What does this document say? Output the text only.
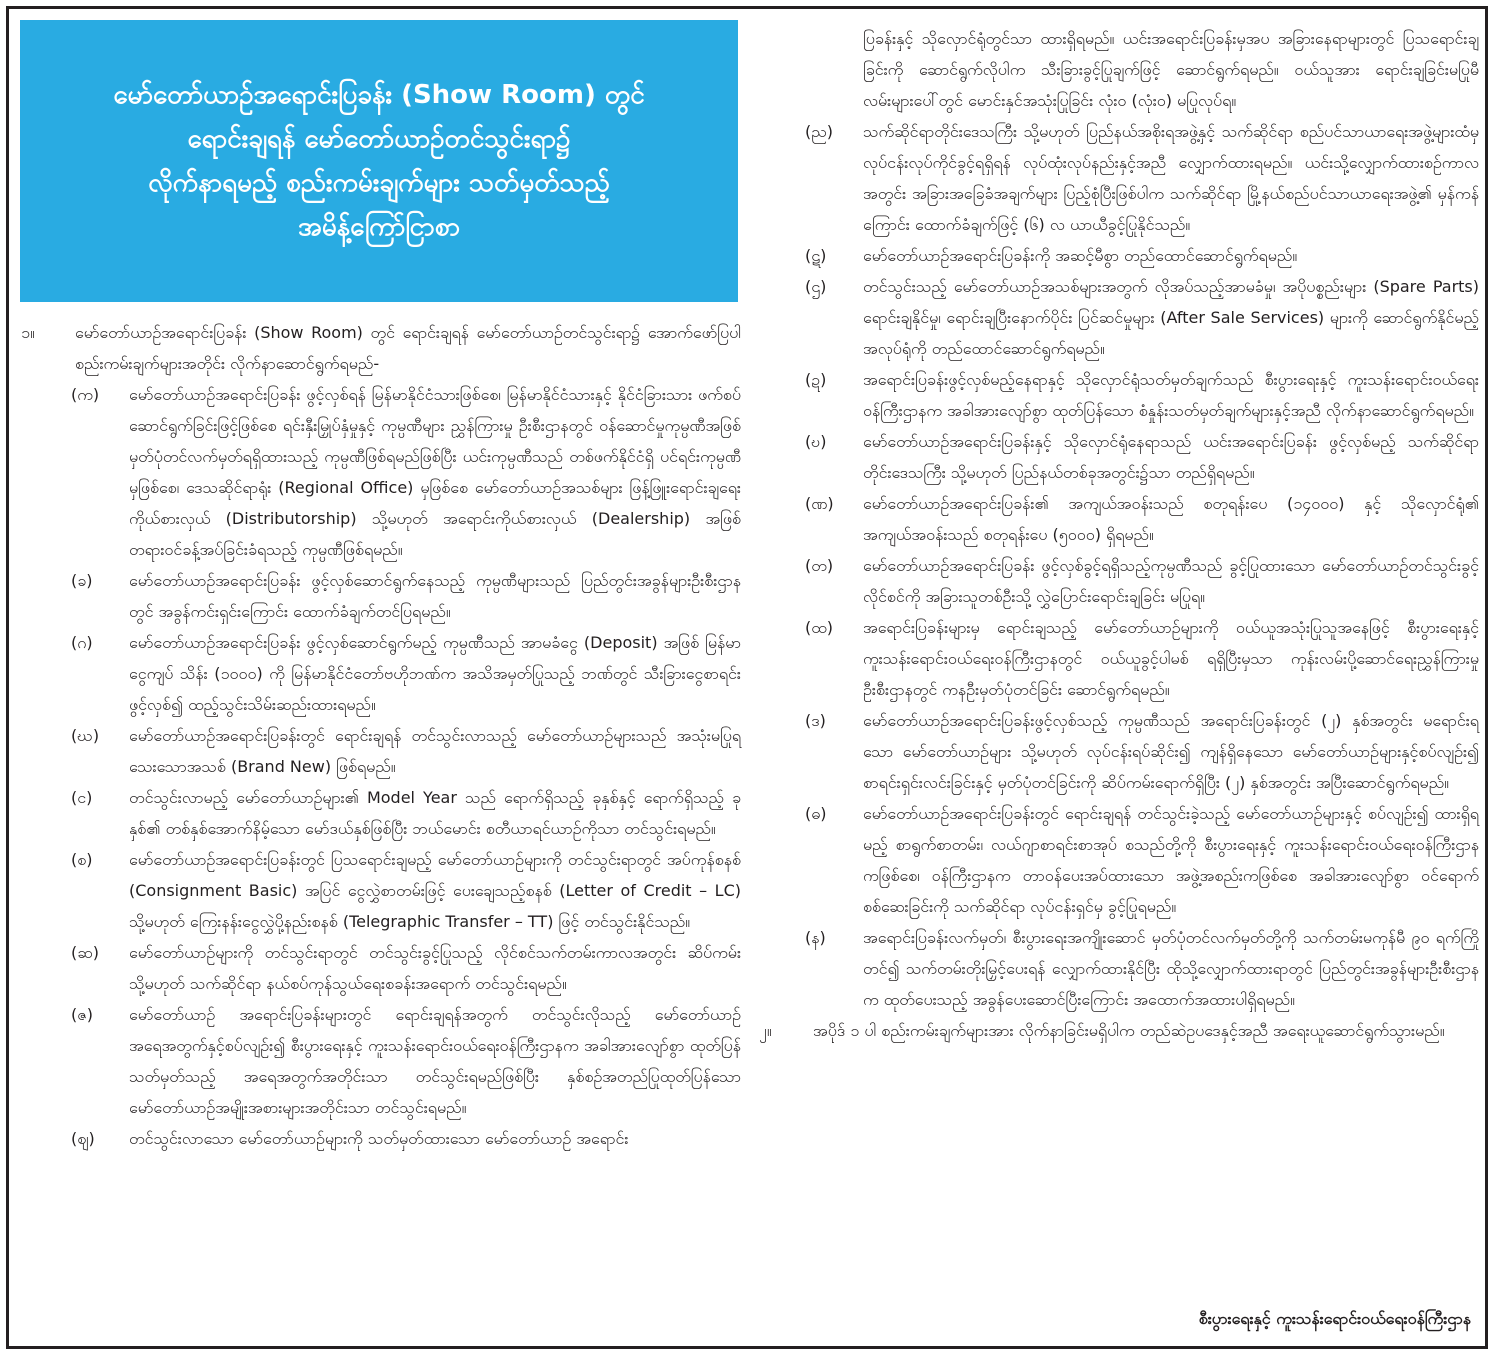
မော်တော်ယာဉ်အရောင်းပြခန်း (Show Room) တွင်
ရောင်းချရန် မော်တော်ယာဉ်တင်သွင်းရာ၌
လိုက်နာရမည့် စည်းကမ်းချက်များ သတ်မှတ်သည့်
အမိန့်ကြော်ငြာစာ
၁။	မော်တော်ယာဉ်အရောင်းပြခန်း (Show Room) တွင် ရောင်းချရန် မော်တော်ယာဉ်တင်သွင်းရာ၌ အောက်ဖော်ပြပါ စည်းကမ်းချက်များအတိုင်း လိုက်နာဆောင်ရွက်ရမည်-
(က)	မော်တော်ယာဉ်အရောင်းပြခန်း ဖွင့်လှစ်ရန် မြန်မာနိုင်ငံသားဖြစ်စေ၊ မြန်မာနိုင်ငံသားနှင့် နိုင်ငံခြားသား ဖက်စပ်ဆောင်ရွက်ခြင်းဖြင့်ဖြစ်စေ ရင်းနှီးမြှုပ်နှံမှုနှင့် ကုမ္ပဏီများ ညွှန်ကြားမှု ဦးစီးဌာနတွင် ဝန်ဆောင်မှုကုမ္ပဏီအဖြစ် မှတ်ပုံတင်လက်မှတ်ရရှိထားသည့် ကုမ္ပဏီဖြစ်ရမည်ဖြစ်ပြီး ယင်းကုမ္ပဏီသည် တစ်ဖက်နိုင်ငံရှိ ပင်ရင်းကုမ္ပဏီမှဖြစ်စေ၊ ဒေသဆိုင်ရာရုံး (Regional Office) မှဖြစ်စေ မော်တော်ယာဉ်အသစ်များ ဖြန့်ဖြူးရောင်းချရေး ကိုယ်စားလှယ် (Distributorship) သို့မဟုတ် အရောင်းကိုယ်စားလှယ် (Dealership) အဖြစ် တရားဝင်ခန့်အပ်ခြင်းခံရသည့် ကုမ္ပဏီဖြစ်ရမည်။
(ခ)	မော်တော်ယာဉ်အရောင်းပြခန်း ဖွင့်လှစ်ဆောင်ရွက်နေသည့် ကုမ္ပဏီများသည် ပြည်တွင်းအခွန်များဦးစီးဌာနတွင် အခွန်ကင်းရှင်းကြောင်း ထောက်ခံချက်တင်ပြရမည်။
(ဂ)	မော်တော်ယာဉ်အရောင်းပြခန်း ဖွင့်လှစ်ဆောင်ရွက်မည့် ကုမ္ပဏီသည် အာမခံငွေ (Deposit) အဖြစ် မြန်မာငွေကျပ် သိန်း (၁၀၀၀) ကို မြန်မာနိုင်ငံတော်ဗဟိုဘဏ်က အသိအမှတ်ပြုသည့် ဘဏ်တွင် သီးခြားငွေစာရင်းဖွင့်လှစ်၍ ထည့်သွင်းသိမ်းဆည်းထားရမည်။
(ဃ)	မော်တော်ယာဉ်အရောင်းပြခန်းတွင် ရောင်းချရန် တင်သွင်းလာသည့် မော်တော်ယာဉ်များသည် အသုံးမပြုရသေးသောအသစ် (Brand New) ဖြစ်ရမည်။
(င)	တင်သွင်းလာမည့် မော်တော်ယာဉ်များ၏ Model Year သည် ရောက်ရှိသည့် ခုနှစ်နှင့် ရောက်ရှိသည့် ခုနှစ်၏ တစ်နှစ်အောက်နိမ့်သော မော်ဒယ်နှစ်ဖြစ်ပြီး ဘယ်မောင်း စတီယာရင်ယာဉ်ကိုသာ တင်သွင်းရမည်။
(စ)	မော်တော်ယာဉ်အရောင်းပြခန်းတွင် ပြသရောင်းချမည့် မော်တော်ယာဉ်များကို တင်သွင်းရာတွင် အပ်ကုန်စနစ် (Consignment Basic) အပြင် ငွေလွှဲစာတမ်းဖြင့် ပေးချေသည့်စနစ် (Letter of Credit – LC) သို့မဟုတ် ကြေးနန်းငွေလွှဲပို့နည်းစနစ် (Telegraphic Transfer – TT) ဖြင့် တင်သွင်းနိုင်သည်။
(ဆ)	မော်တော်ယာဉ်များကို တင်သွင်းရာတွင် တင်သွင်းခွင့်ပြုသည့် လိုင်စင်သက်တမ်းကာလအတွင်း ဆိပ်ကမ်း သို့မဟုတ် သက်ဆိုင်ရာ နယ်စပ်ကုန်သွယ်ရေးစခန်းအရောက် တင်သွင်းရမည်။
(ဇ)	မော်တော်ယာဉ် အရောင်းပြခန်းများတွင် ရောင်းချရန်အတွက် တင်သွင်းလိုသည့် မော်တော်ယာဉ်အရေအတွက်နှင့်စပ်လျဉ်း၍ စီးပွားရေးနှင့် ကူးသန်းရောင်းဝယ်ရေးဝန်ကြီးဌာနက အခါအားလျော်စွာ ထုတ်ပြန်သတ်မှတ်သည့် အရေအတွက်အတိုင်းသာ တင်သွင်းရမည်ဖြစ်ပြီး နှစ်စဉ်အတည်ပြုထုတ်ပြန်သော မော်တော်ယာဉ်အမျိုးအစားများအတိုင်းသာ တင်သွင်းရမည်။
(ဈ)	တင်သွင်းလာသော မော်တော်ယာဉ်များကို သတ်မှတ်ထားသော မော်တော်ယာဉ် အရောင်း
ပြခန်းနှင့် သိုလှောင်ရုံတွင်သာ ထားရှိရမည်။ ယင်းအရောင်းပြခန်းမှအပ အခြားနေရာများတွင် ပြသရောင်းချခြင်းကို ဆောင်ရွက်လိုပါက သီးခြားခွင့်ပြုချက်ဖြင့် ဆောင်ရွက်ရမည်။ ဝယ်သူအား ရောင်းချခြင်းမပြုမီ လမ်းများပေါ်တွင် မောင်းနှင်အသုံးပြုခြင်း လုံးဝ (လုံးဝ) မပြုလုပ်ရ။
(ည)	သက်ဆိုင်ရာတိုင်းဒေသကြီး သို့မဟုတ် ပြည်နယ်အစိုးရအဖွဲ့နှင့် သက်ဆိုင်ရာ စည်ပင်သာယာရေးအဖွဲ့များထံမှ လုပ်ငန်းလုပ်ကိုင်ခွင့်ရရှိရန် လုပ်ထုံးလုပ်နည်းနှင့်အညီ လျှောက်ထားရမည်။ ယင်းသို့လျှောက်ထားစဉ်ကာလအတွင်း အခြားအခြေခံအချက်များ ပြည့်စုံပြီးဖြစ်ပါက သက်ဆိုင်ရာ မြို့နယ်စည်ပင်သာယာရေးအဖွဲ့၏ မှန်ကန်ကြောင်း ထောက်ခံချက်ဖြင့် (၆) လ ယာယီခွင့်ပြုနိုင်သည်။
(ဋ)	မော်တော်ယာဉ်အရောင်းပြခန်းကို အဆင့်မီစွာ တည်ထောင်ဆောင်ရွက်ရမည်။
(ဌ)	တင်သွင်းသည့် မော်တော်ယာဉ်အသစ်များအတွက် လိုအပ်သည့်အာမခံမှု၊ အပိုပစ္စည်းများ (Spare Parts) ရောင်းချနိုင်မှု၊ ရောင်းချပြီးနောက်ပိုင်း ပြင်ဆင်မှုများ (After Sale Services) များကို ဆောင်ရွက်နိုင်မည့် အလုပ်ရုံကို တည်ထောင်ဆောင်ရွက်ရမည်။
(ဍ)	အရောင်းပြခန်းဖွင့်လှစ်မည့်နေရာနှင့် သိုလှောင်ရုံသတ်မှတ်ချက်သည် စီးပွားရေးနှင့် ကူးသန်းရောင်းဝယ်ရေးဝန်ကြီးဌာနက အခါအားလျော်စွာ ထုတ်ပြန်သော စံနှုန်းသတ်မှတ်ချက်များနှင့်အညီ လိုက်နာဆောင်ရွက်ရမည်။
(ဎ)	မော်တော်ယာဉ်အရောင်းပြခန်းနှင့် သိုလှောင်ရုံနေရာသည် ယင်းအရောင်းပြခန်း ဖွင့်လှစ်မည့် သက်ဆိုင်ရာတိုင်းဒေသကြီး သို့မဟုတ် ပြည်နယ်တစ်ခုအတွင်း၌သာ တည်ရှိရမည်။
(ဏ)	မော်တော်ယာဉ်အရောင်းပြခန်း၏ အကျယ်အဝန်းသည် စတုရန်းပေ (၁၄၀၀၀) နှင့် သိုလှောင်ရုံ၏ အကျယ်အဝန်းသည် စတုရန်းပေ (၅၀၀၀) ရှိရမည်။
(တ)	မော်တော်ယာဉ်အရောင်းပြခန်း ဖွင့်လှစ်ခွင့်ရရှိသည့်ကုမ္ပဏီသည် ခွင့်ပြုထားသော မော်တော်ယာဉ်တင်သွင်းခွင့်လိုင်စင်ကို အခြားသူတစ်ဦးသို့ လွှဲပြောင်းရောင်းချခြင်း မပြုရ။
(ထ)	အရောင်းပြခန်းများမှ ရောင်းချသည့် မော်တော်ယာဉ်များကို ဝယ်ယူအသုံးပြုသူအနေဖြင့် စီးပွားရေးနှင့် ကူးသန်းရောင်းဝယ်ရေးဝန်ကြီးဌာနတွင် ဝယ်ယူခွင့်ပါမစ် ရရှိပြီးမှသာ ကုန်းလမ်းပို့ဆောင်ရေးညွှန်ကြားမှုဦးစီးဌာနတွင် ကနဦးမှတ်ပုံတင်ခြင်း ဆောင်ရွက်ရမည်။
(ဒ)	မော်တော်ယာဉ်အရောင်းပြခန်းဖွင့်လှစ်သည့် ကုမ္ပဏီသည် အရောင်းပြခန်းတွင် (၂) နှစ်အတွင်း မရောင်းရသော မော်တော်ယာဉ်များ သို့မဟုတ် လုပ်ငန်းရပ်ဆိုင်း၍ ကျန်ရှိနေသော မော်တော်ယာဉ်များနှင့်စပ်လျဉ်း၍ စာရင်းရှင်းလင်းခြင်းနှင့် မှတ်ပုံတင်ခြင်းကို ဆိပ်ကမ်းရောက်ရှိပြီး (၂) နှစ်အတွင်း အပြီးဆောင်ရွက်ရမည်။
(ဓ)	မော်တော်ယာဉ်အရောင်းပြခန်းတွင် ရောင်းချရန် တင်သွင်းခဲ့သည့် မော်တော်ယာဉ်များနှင့် စပ်လျဉ်း၍ ထားရှိရမည့် စာရွက်စာတမ်း၊ လယ်ဂျာစာရင်းစာအုပ် စသည်တို့ကို စီးပွားရေးနှင့် ကူးသန်းရောင်းဝယ်ရေးဝန်ကြီးဌာနကဖြစ်စေ၊ ဝန်ကြီးဌာနက တာဝန်ပေးအပ်ထားသော အဖွဲ့အစည်းကဖြစ်စေ အခါအားလျော်စွာ ဝင်ရောက်စစ်ဆေးခြင်းကို သက်ဆိုင်ရာ လုပ်ငန်းရှင်မှ ခွင့်ပြုရမည်။
(န)	အရောင်းပြခန်းလက်မှတ်၊ စီးပွားရေးအကျိုးဆောင် မှတ်ပုံတင်လက်မှတ်တို့ကို သက်တမ်းမကုန်မီ ၉၀ ရက်ကြိုတင်၍ သက်တမ်းတိုးမြှင့်ပေးရန် လျှောက်ထားနိုင်ပြီး ထိုသို့လျှောက်ထားရာတွင် ပြည်တွင်းအခွန်များဦးစီးဌာနက ထုတ်ပေးသည့် အခွန်ပေးဆောင်ပြီးကြောင်း အထောက်အထားပါရှိရမည်။
၂။	အပိုဒ် ၁ ပါ စည်းကမ်းချက်များအား လိုက်နာခြင်းမရှိပါက တည်ဆဲဥပဒေနှင့်အညီ အရေးယူဆောင်ရွက်သွားမည်။
စီးပွားရေးနှင့် ကူးသန်းရောင်းဝယ်ရေးဝန်ကြီးဌာန
